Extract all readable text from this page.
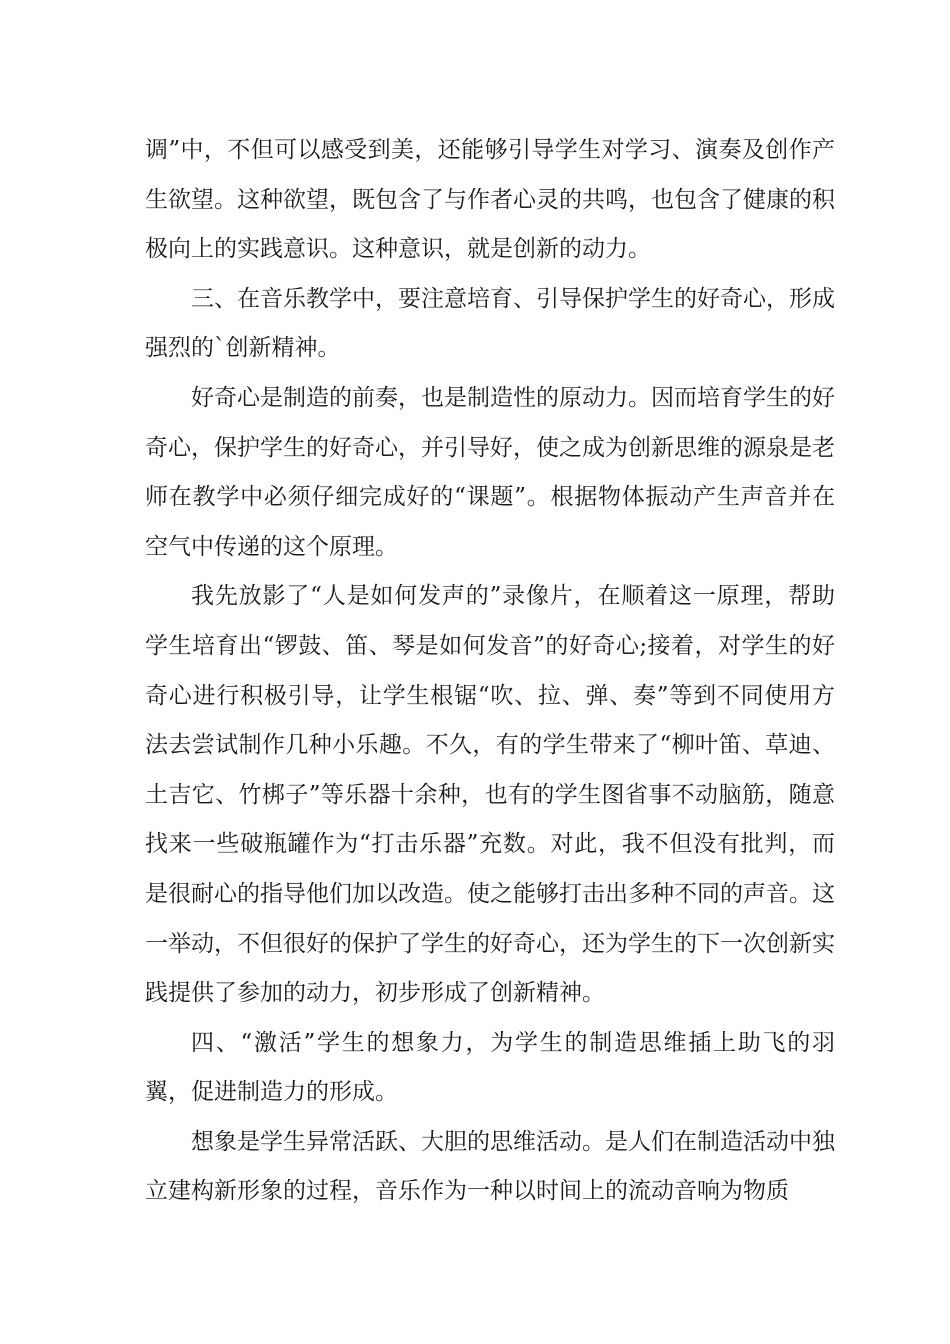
调”中，不但可以感受到美，还能够引导学生对学习、演奏及创作产生欲望。这种欲望，既包含了与作者心灵的共鸣，也包含了健康的积极向上的实践意识。这种意识，就是创新的动力。

三、在音乐教学中，要注意培育、引导保护学生的好奇心，形成强烈的`创新精神。

好奇心是制造的前奏，也是制造性的原动力。因而培育学生的好奇心，保护学生的好奇心，并引导好，使之成为创新思维的源泉是老师在教学中必须仔细完成好的“课题”。根据物体振动产生声音并在空气中传递的这个原理。

我先放影了“人是如何发声的”录像片，在顺着这一原理，帮助学生培育出“锣鼓、笛、琴是如何发音”的好奇心;接着，对学生的好奇心进行积极引导，让学生根锯“吹、拉、弹、奏”等到不同使用方法去尝试制作几种小乐趣。不久，有的学生带来了“柳叶笛、草迪、土吉它、竹梆子”等乐器十余种，也有的学生图省事不动脑筋，随意找来一些破瓶罐作为“打击乐器”充数。对此，我不但没有批判，而是很耐心的指导他们加以改造。使之能够打击出多种不同的声音。这一举动，不但很好的保护了学生的好奇心，还为学生的下一次创新实践提供了参加的动力，初步形成了创新精神。

四、“激活”学生的想象力，为学生的制造思维插上助飞的羽翼，促进制造力的形成。

想象是学生异常活跃、大胆的思维活动。是人们在制造活动中独立建构新形象的过程，音乐作为一种以时间上的流动音响为物质
